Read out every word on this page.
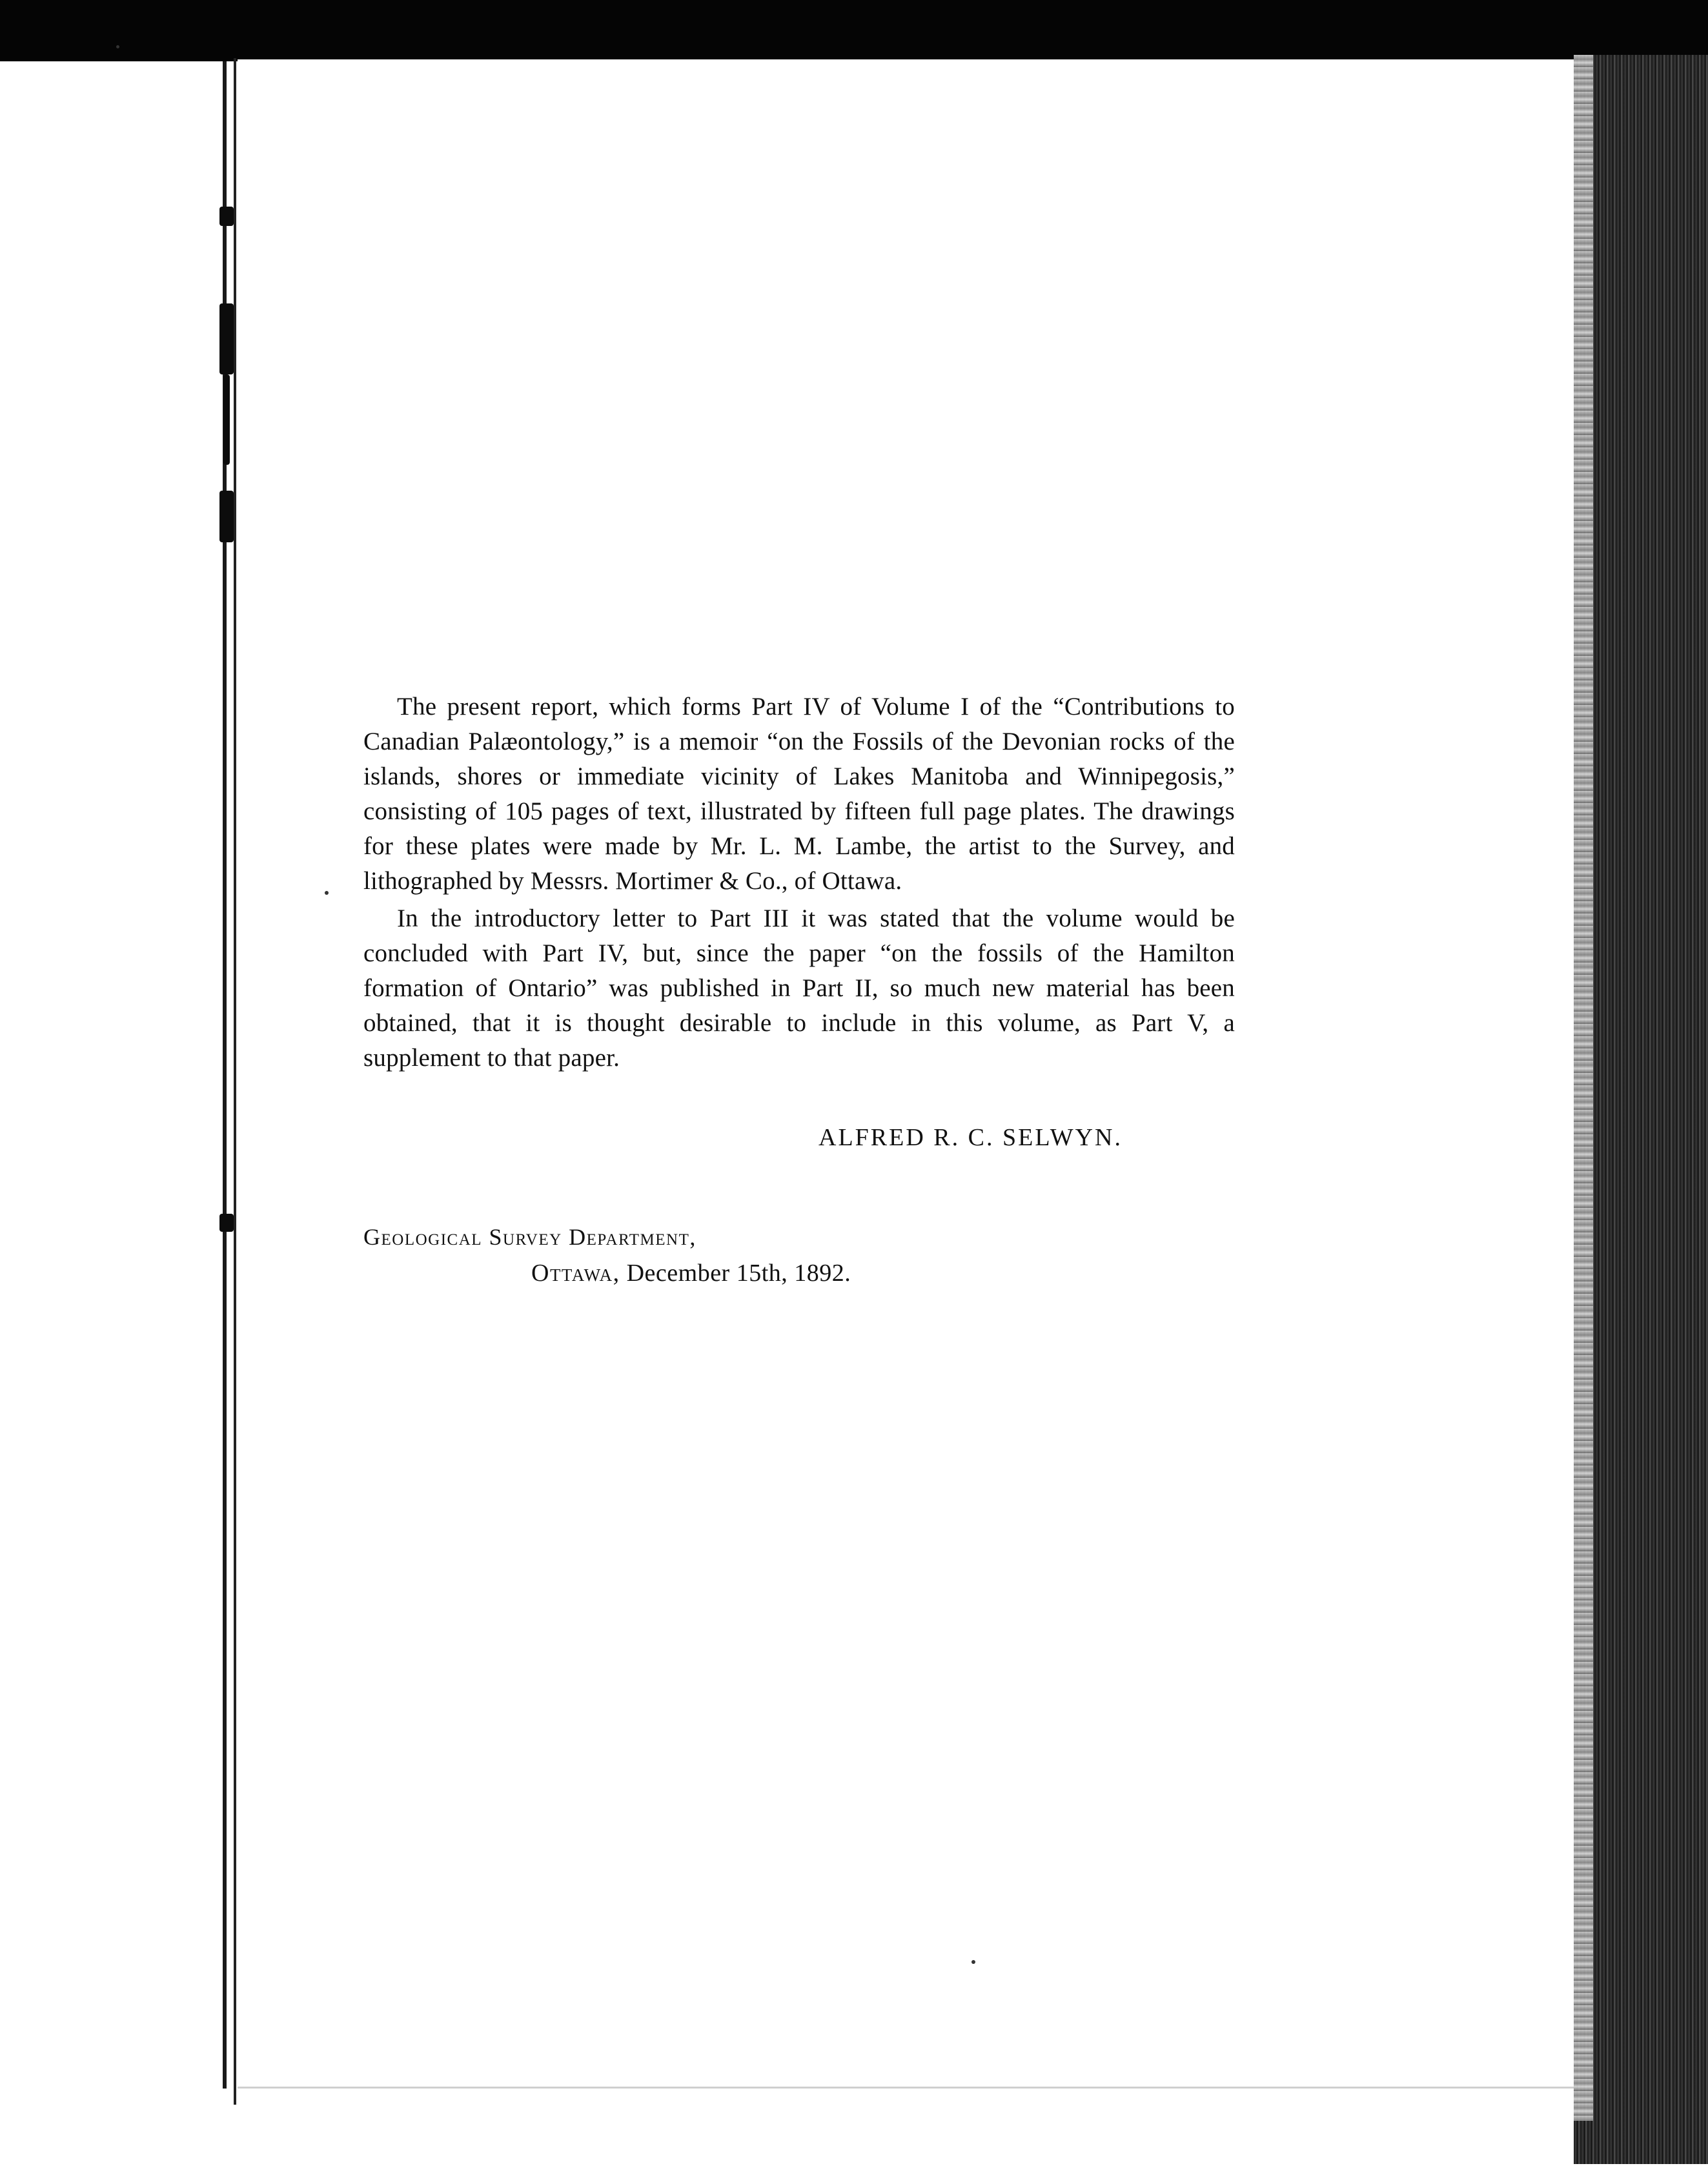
The present report, which forms Part IV of Volume I of the “Contributions to Canadian Palæontology,” is a memoir “on the Fossils of the Devonian rocks of the islands, shores or immediate vicinity of Lakes Manitoba and Winnipegosis,” consisting of 105 pages of text, illustrated by fifteen full page plates. The drawings for these plates were made by Mr. L. M. Lambe, the artist to the Survey, and lithographed by Messrs. Mortimer & Co., of Ottawa.

In the introductory letter to Part III it was stated that the volume would be concluded with Part IV, but, since the paper “on the fossils of the Hamilton formation of Ontario” was published in Part II, so much new material has been obtained, that it is thought desirable to include in this volume, as Part V, a supplement to that paper.

ALFRED R. C. SELWYN.
Geological Survey Department,
Ottawa, December 15th, 1892.
